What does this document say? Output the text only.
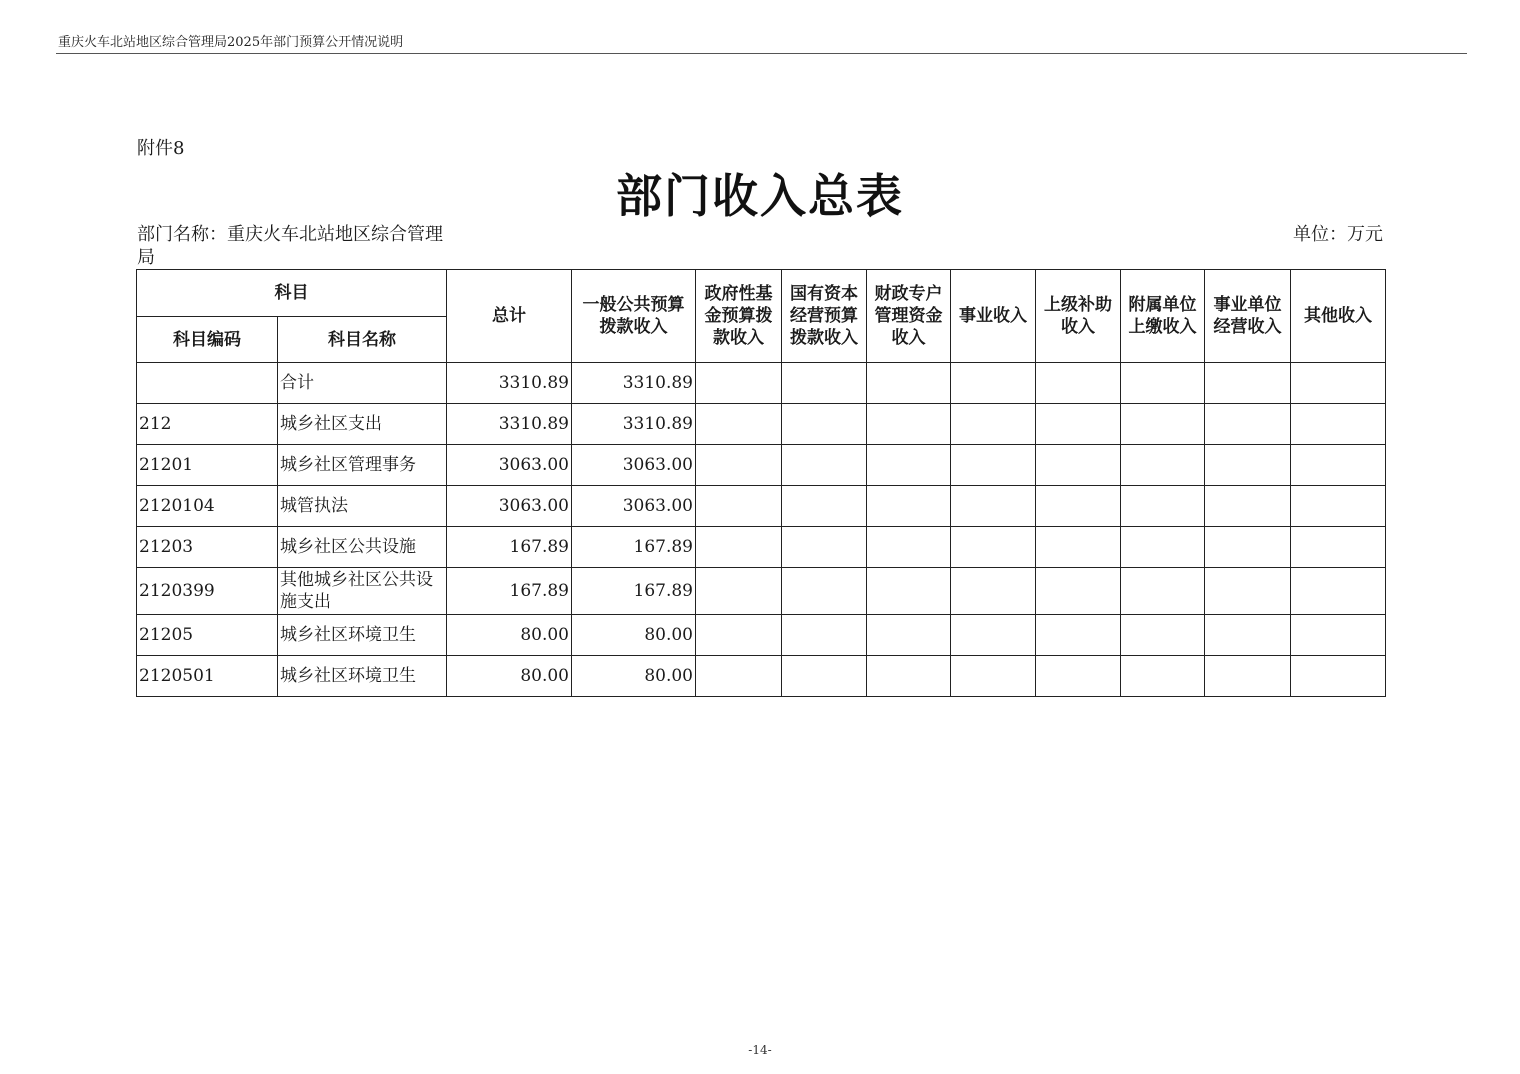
重庆火车北站地区综合管理局2025年部门预算公开情况说明
附件8
部门收入总表
部门名称：重庆火车北站地区综合管理局
单位：万元
科目		总计	一般公共预算拨款收入	政府性基金预算拨款收入	国有资本经营预算拨款收入	财政专户管理资金收入	事业收入	上级补助收入	附属单位上缴收入	事业单位经营收入	其他收入
科目编码	科目名称										
	合计	3310.89	3310.89								
212	城乡社区支出	3310.89	3310.89								
21201	城乡社区管理事务	3063.00	3063.00								
2120104	城管执法	3063.00	3063.00								
21203	城乡社区公共设施	167.89	167.89								
2120399	其他城乡社区公共设施支出	167.89	167.89								
21205	城乡社区环境卫生	80.00	80.00								
2120501	城乡社区环境卫生	80.00	80.00								
-14-
